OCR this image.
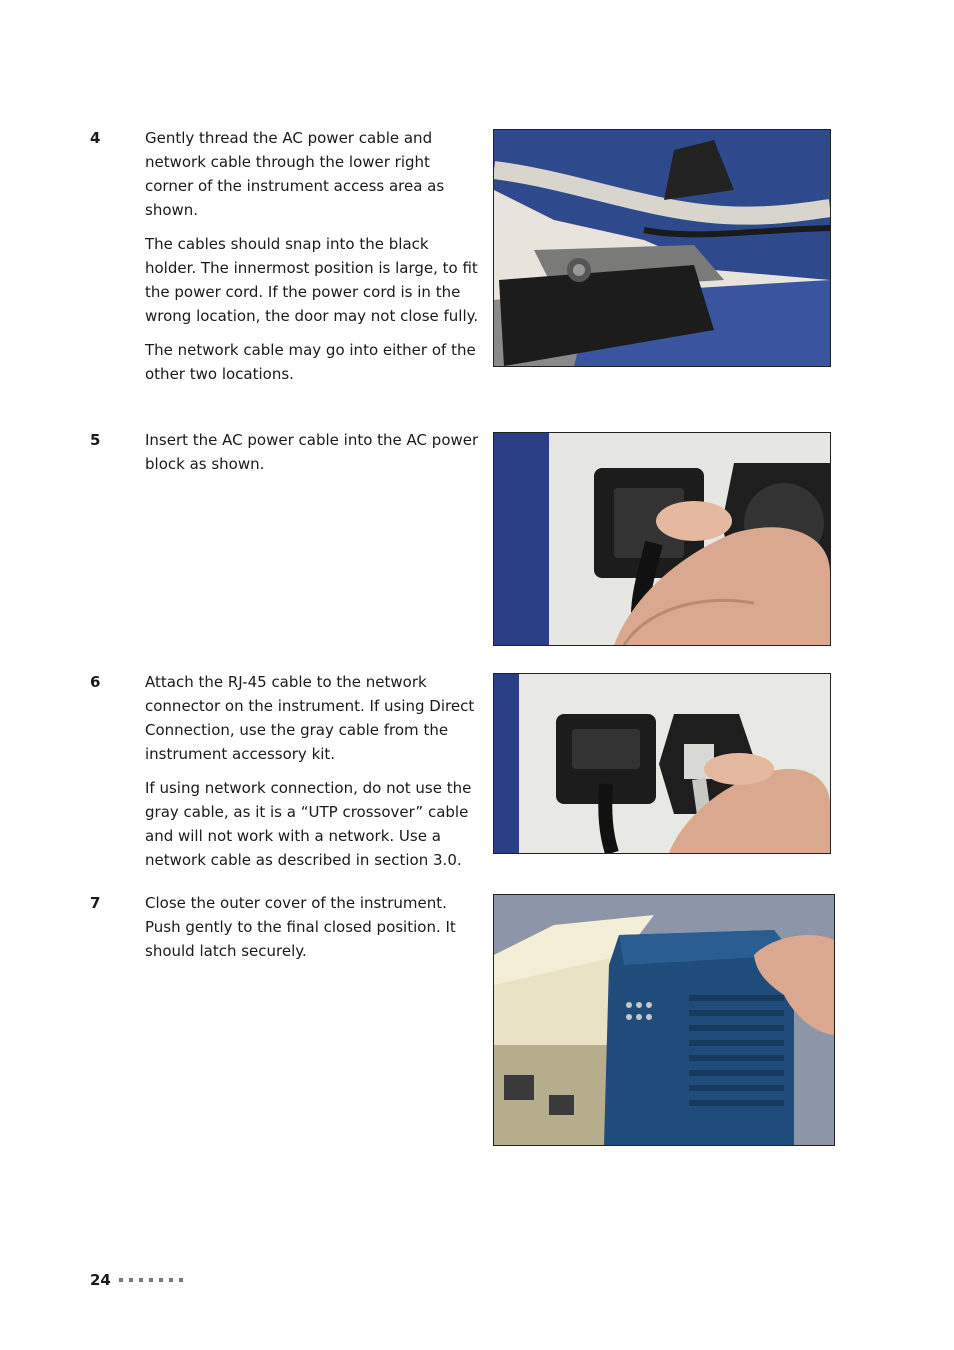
4	Gently thread the AC power cable and network cable through the lower right corner of the instrument access area as shown.

The cables should snap into the black holder. The innermost position is large, to fit the power cord. If the power cord is in the wrong location, the door may not close fully.

The network cable may go into either of the other two locations.

5	Insert the AC power cable into the AC power block as shown.

6	Attach the RJ-45 cable to the network connector on the instrument. If using Direct Connection, use the gray cable from the instrument accessory kit.

If using network connection, do not use the gray cable, as it is a “UTP crossover” cable and will not work with a network. Use a network cable as described in section 3.0.

7	Close the outer cover of the instrument. Push gently to the final closed position. It should latch securely.

24
